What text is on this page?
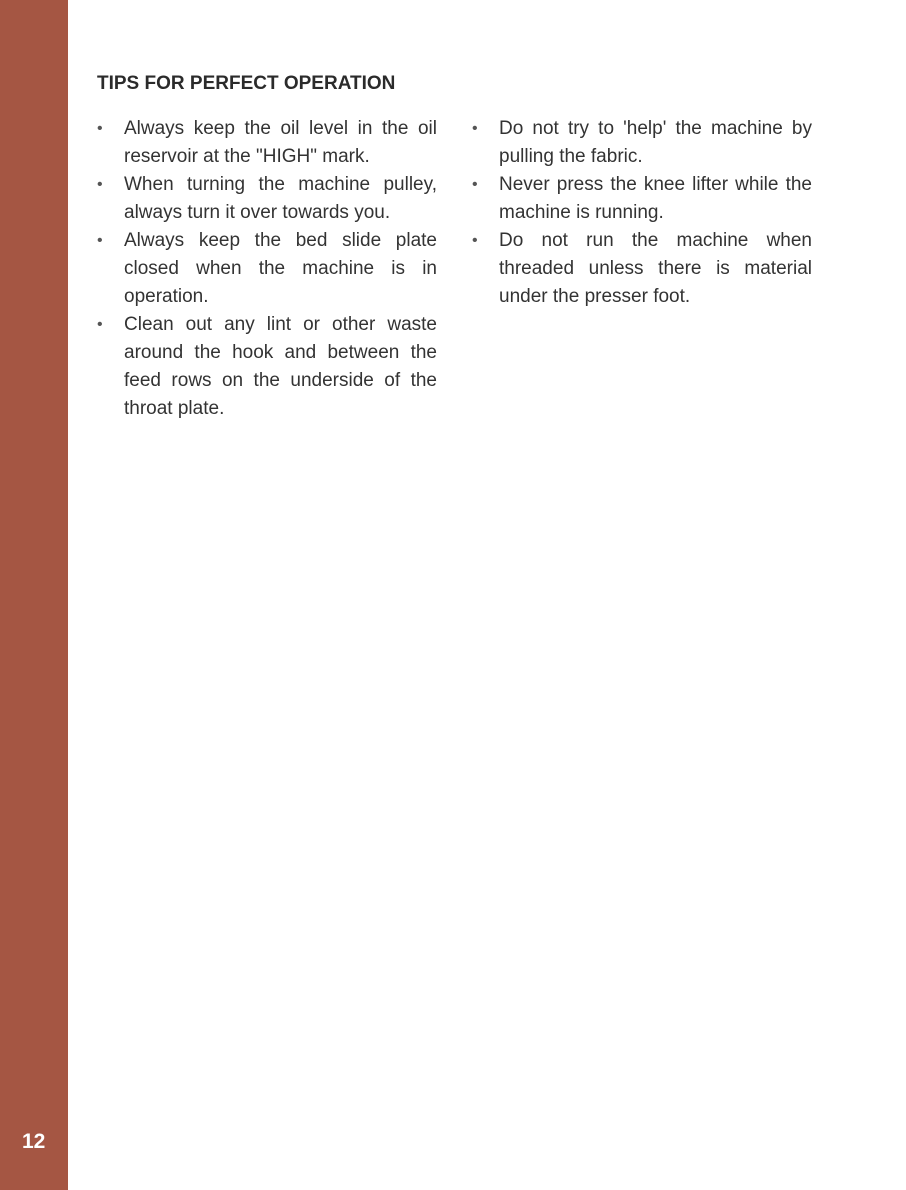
12
TIPS FOR PERFECT OPERATION
•	Always keep the oil level in the oil reservoir at the "HIGH" mark.
•	When turning the machine pulley, always turn it over towards you.
•	Always keep the bed slide plate closed when the machine is in operation.
•	Clean out any lint or other waste around the hook and between the feed rows on the underside of the throat plate.
•	Do not try to 'help' the machine by pulling the fabric.
•	Never press the knee lifter while the machine is running.
•	Do not run the machine when threaded unless there is material under the presser foot.
